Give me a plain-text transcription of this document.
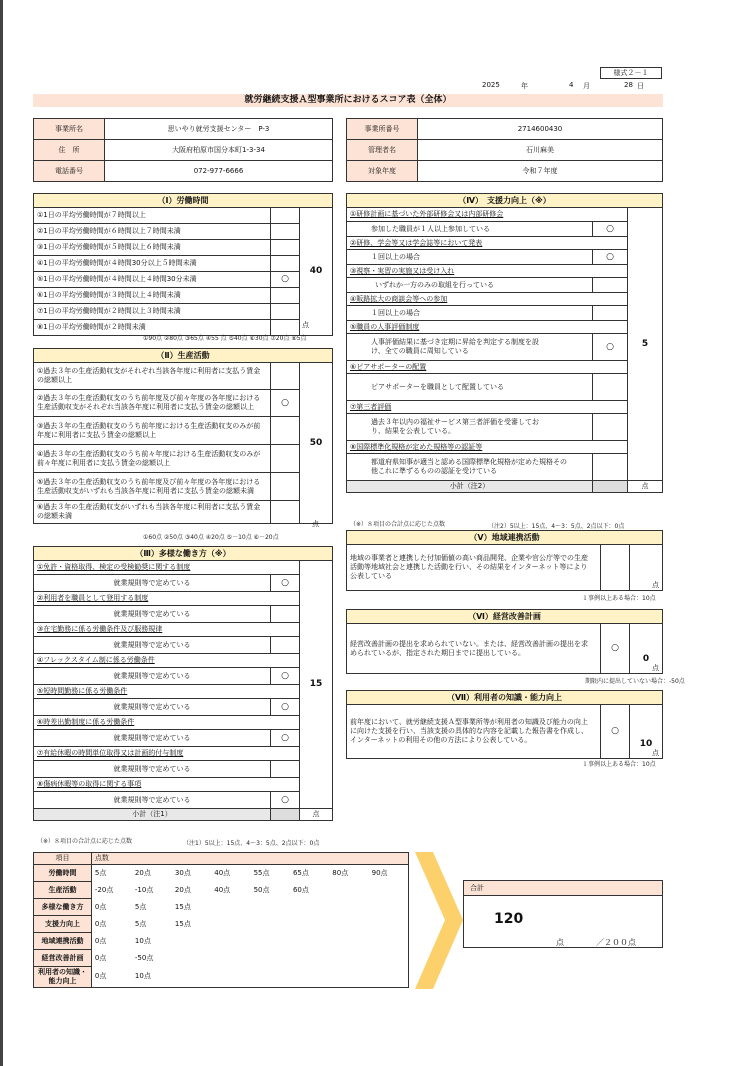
様式２－１
2025	年	4 月	28 日
就労継続支援Ａ型事業所におけるスコア表（全体）
事業所名	思いやり就労支援センター　P-3
住　所	大阪府柏原市国分本町1-3-34
電話番号	072-977-6666
事業所番号	2714600430
管理者名	石川麻美
対象年度	令和７年度
（Ⅰ）労働時間		
①1日の平均労働時間が７時間以上		40

②1日の平均労働時間が６時間以上７時間未満		
③1日の平均労働時間が５時間以上６時間未満		
④1日の平均労働時間が４時間30分以上５時間未満		
⑤1日の平均労働時間が４時間以上４時間30分未満	○	
⑥1日の平均労働時間が３時間以上４時間未満		
⑦1日の平均労働時間が２時間以上３時間未満		
⑧1日の平均労働時間が２時間未満			点
①90点 ②80点 ③65点 ④55 点 ⑤40点 ⑥30点 ⑦20点 ⑧5点
（Ⅱ）生産活動		
①過去３年の生産活動収支がそれぞれ当該各年度に利用者に支払う賃金の総額以上		50

②過去３年の生産活動収支のうち前年度及び前々年度の各年度における生産活動収支がそれぞれ当該各年度に利用者に支払う賃金の総額以上	○	
③過去３年の生産活動収支のうち前年度における生産活動収支のみが前年度に利用者に支払う賃金の総額以上		
④過去３年の生産活動収支のうち前々年度における生産活動収支のみが前々年度に利用者に支払う賃金の総額以上		
⑤過去３年の生産活動収支のうち前年度及び前々年度の各年度における生産活動収支がいずれも当該各年度に利用者に支払う賃金の総額未満		
⑥過去３年の生産活動収支がいずれも当該各年度に利用者に支払う賃金の総額未満		
点
①60点 ②50点 ③40点 ④20点 ⑤－10点 ⑥－20点
（Ⅲ）多様な働き方（※）		
①免許・資格取得、検定の受検勧奨に関する制度		15

就業規則等で定めている	○	
②利用者を職員として登用する制度		
就業規則等で定めている		
③在宅勤務に係る労働条件及び服務規律		
就業規則等で定めている		
④フレックスタイム制に係る労働条件		
就業規則等で定めている	○	
⑤短時間勤務に係る労働条件		
就業規則等で定めている	○	
⑥時差出勤制度に係る労働条件		
就業規則等で定めている	○	
⑦有給休暇の時間単位取得又は計画的付与制度		
就業規則等で定めている		
⑧傷病休暇等の取得に関する事項		
就業規則等で定めている	○	
小計（注1）		点
（※）８項目の合計点に応じた点数	（注1）5以上：15点、4～3：5点、2点以下：0点
（Ⅳ）　支援力向上（※）		
①研修計画に基づいた外部研修会又は内部研修会		5

参加した職員が１人以上参加している	○	
②研修、学会等又は学会誌等において発表		
１回以上の場合	○	
③視察・実習の実施又は受け入れ		
いずれか一方のみの取組を行っている		
④販路拡大の商談会等への参加		
１回以上の場合		
⑤職員の人事評価制度		
人事評価結果に基づき定期に昇給を判定する制度を設け、全ての職員に周知している	○	
⑥ピアサポーターの配置		
ピアサポーターを職員として配置している		
⑦第三者評価		
過去３年以内の福祉サービス第三者評価を受審しており、結果を公表している。		
⑧国際標準化規格が定めた規格等の認証等		
都道府県知事が適当と認める国際標準化規格が定めた規格その他これに準ずるものの認証を受けている		
小計（注2）		点
（※）８項目の合計点に応じた点数	（注2）5以上：15点、4～3：5点、2点以下：0点
（Ⅴ）地域連携活動
地域の事業者と連携した付加価値の高い商品開発、企業や官公庁等での生産活動等地域社会と連携した活動を行い、その結果をインターネット等により公表している		
点
１事例以上ある場合：10点
（Ⅵ）経営改善計画
経営改善計画の提出を求められていない。または、経営改善計画の提出を求められているが、指定された期日までに提出している。	○	
0
点
期限内に提出していない場合：-50点
（Ⅶ）利用者の知識・能力向上
前年度において、就労継続支援Ａ型事業所等が利用者の知識及び能力の向上に向けた支援を行い、当該支援の具体的な内容を記載した報告書を作成し、インターネットの利用その他の方法により公表している。	○	
10
点
１事例以上ある場合：10点
項目	点数							
労働時間	5点	20点	30点	40点	55点	65点	80点	90点
生産活動	-20点	-10点	20点	40点	50点	60点		
多様な働き方	0点	5点	15点					
支援力向上	0点	5点	15点					
地域連携活動	0点	10点						
経営改善計画	0点	-50点						
利用者の知識・能力向上	0点	10点						
合計
120
点	／２００点
